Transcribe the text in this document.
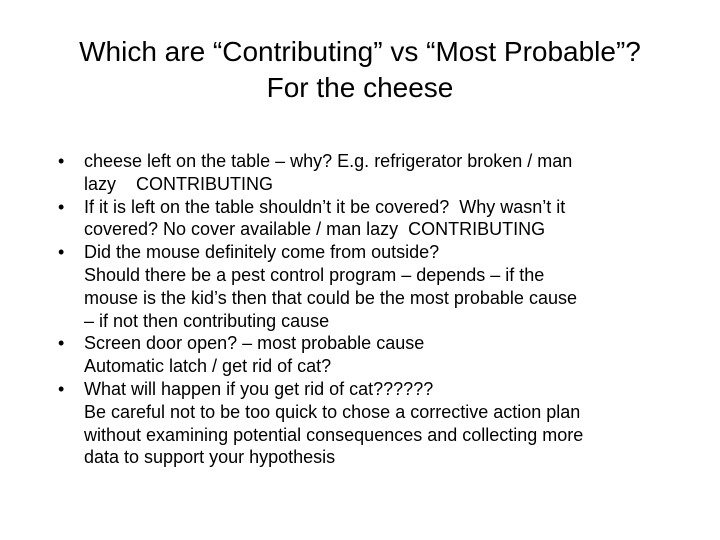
Which are “Contributing” vs “Most Probable”?
For the cheese
•	cheese left on the table – why? E.g. refrigerator broken / man
lazy    CONTRIBUTING
•	If it is left on the table shouldn’t it be covered?  Why wasn’t it
covered? No cover available / man lazy  CONTRIBUTING
•	Did the mouse definitely come from outside?
Should there be a pest control program – depends – if the
mouse is the kid’s then that could be the most probable cause
– if not then contributing cause
•	Screen door open? – most probable cause
Automatic latch / get rid of cat?
•	What will happen if you get rid of cat??????
Be careful not to be too quick to chose a corrective action plan
without examining potential consequences and collecting more
data to support your hypothesis
